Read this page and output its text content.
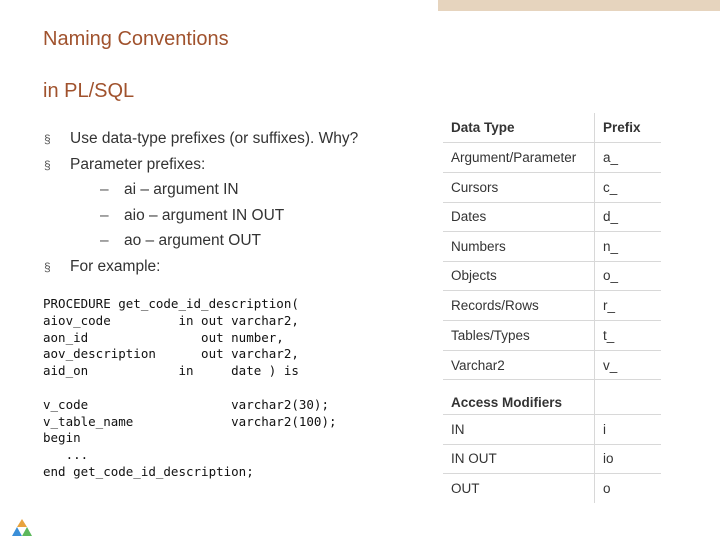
Naming Conventions
in PL/SQL
§ Use data-type prefixes (or suffixes). Why?
§ Parameter prefixes:
– ai – argument IN
– aio – argument IN OUT
– ao – argument OUT
§ For example:
PROCEDURE get_code_id_description(
aiov_code         in out varchar2,
aon_id               out number,
aov_description      out varchar2,
aid_on            in     date ) is

v_code                   varchar2(30);
v_table_name             varchar2(100);
begin
...
end get_code_id_description;
Data Type	Prefix
Argument/Parameter	a_
Cursors	c_
Dates	d_
Numbers	n_
Objects	o_
Records/Rows	r_
Tables/Types	t_
Varchar2	v_
Access Modifiers	
IN	i
IN OUT	io
OUT	o
